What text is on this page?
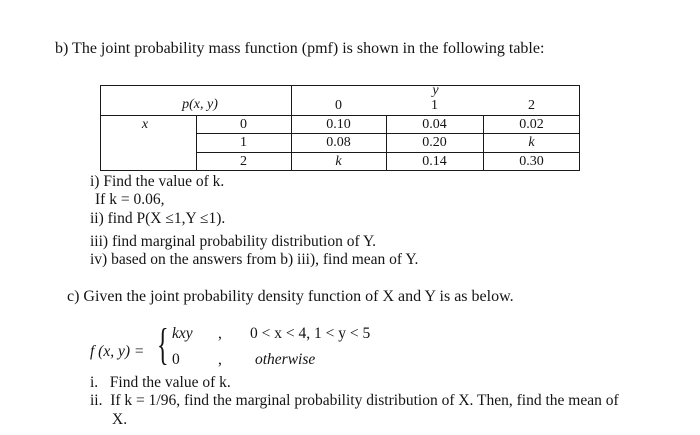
b) The joint probability mass function (pmf) is shown in the following table:
p(x, y)
y
0	1	2
x	0	0.10	0.04	0.02
1	0.08	0.20	k
2	k	0.14	0.30
i) Find the value of k.
If k = 0.06,
ii) find P(X ≤1,Y ≤1).
iii) find marginal probability distribution of Y.
iv) based on the answers from b) iii), find mean of Y.
c) Given the joint probability density function of X and Y is as below.
f (x, y) = { kxy , 0 < x < 4, 1 < y < 5
0 , otherwise
i.   Find the value of k.
ii.  If k = 1/96, find the marginal probability distribution of X. Then, find the mean of
X.
